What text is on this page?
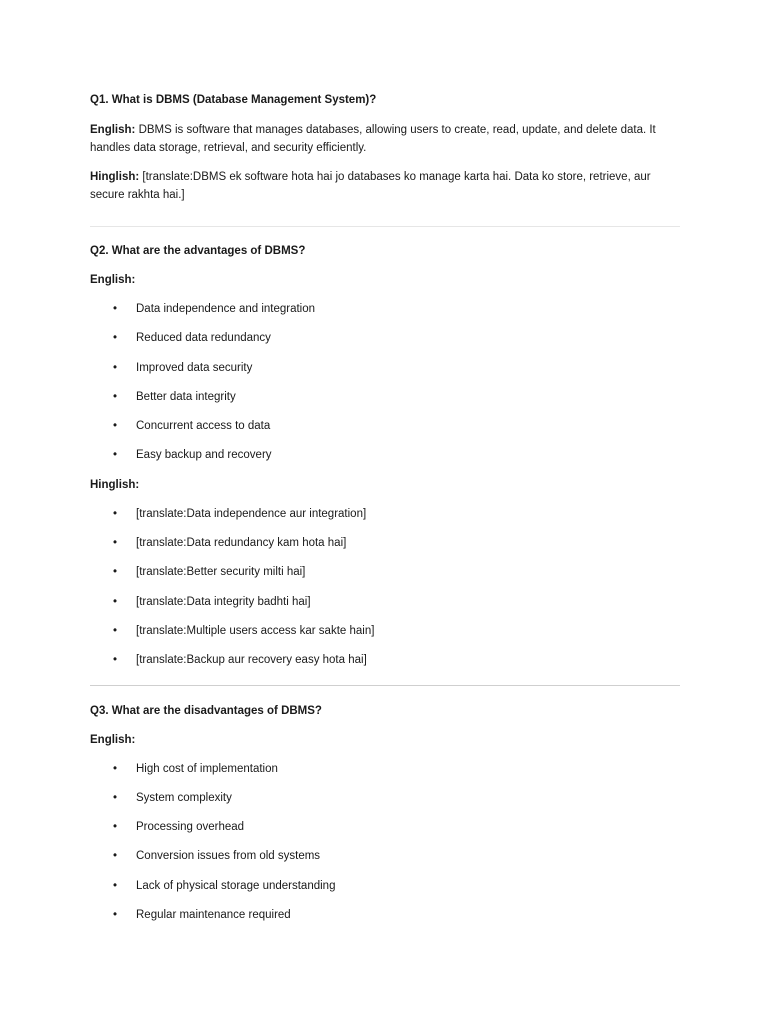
Q1. What is DBMS (Database Management System)?

English: DBMS is software that manages databases, allowing users to create, read, update, and delete data. It handles data storage, retrieval, and security efficiently.

Hinglish: [translate:DBMS ek software hota hai jo databases ko manage karta hai. Data ko store, retrieve, aur secure rakhta hai.]

Q2. What are the advantages of DBMS?
English:
• Data independence and integration
• Reduced data redundancy
• Improved data security
• Better data integrity
• Concurrent access to data
• Easy backup and recovery
Hinglish:
• [translate:Data independence aur integration]
• [translate:Data redundancy kam hota hai]
• [translate:Better security milti hai]
• [translate:Data integrity badhti hai]
• [translate:Multiple users access kar sakte hain]
• [translate:Backup aur recovery easy hota hai]
Q3. What are the disadvantages of DBMS?
English:
• High cost of implementation
• System complexity
• Processing overhead
• Conversion issues from old systems
• Lack of physical storage understanding
• Regular maintenance required
